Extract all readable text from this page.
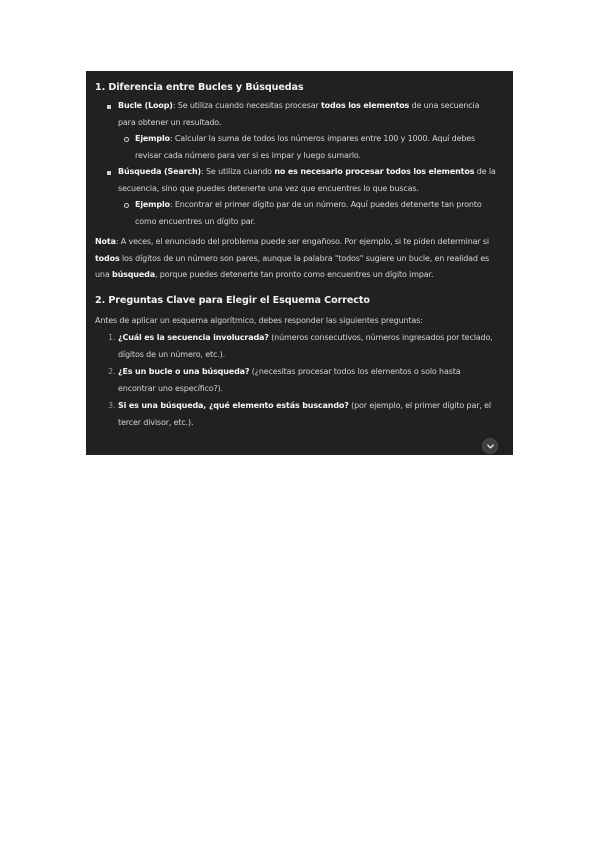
1. Diferencia entre Bucles y Búsquedas
Bucle (Loop): Se utiliza cuando necesitas procesar todos los elementos de una secuencia para obtener un resultado.
Ejemplo: Calcular la suma de todos los números impares entre 100 y 1000. Aquí debes revisar cada número para ver si es impar y luego sumarlo.
Búsqueda (Search): Se utiliza cuando no es necesario procesar todos los elementos de la secuencia, sino que puedes detenerte una vez que encuentres lo que buscas.
Ejemplo: Encontrar el primer dígito par de un número. Aquí puedes detenerte tan pronto como encuentres un dígito par.

Nota: A veces, el enunciado del problema puede ser engañoso. Por ejemplo, si te piden determinar si todos los dígitos de un número son pares, aunque la palabra "todos" sugiere un bucle, en realidad es una búsqueda, porque puedes detenerte tan pronto como encuentres un dígito impar.

2. Preguntas Clave para Elegir el Esquema Correcto

Antes de aplicar un esquema algorítmico, debes responder las siguientes preguntas:

1. ¿Cuál es la secuencia involucrada? (números consecutivos, números ingresados por teclado, dígitos de un número, etc.).
2. ¿Es un bucle o una búsqueda? (¿necesitas procesar todos los elementos o solo hasta encontrar uno específico?).
3. Si es una búsqueda, ¿qué elemento estás buscando? (por ejemplo, el primer dígito par, el tercer divisor, etc.).
